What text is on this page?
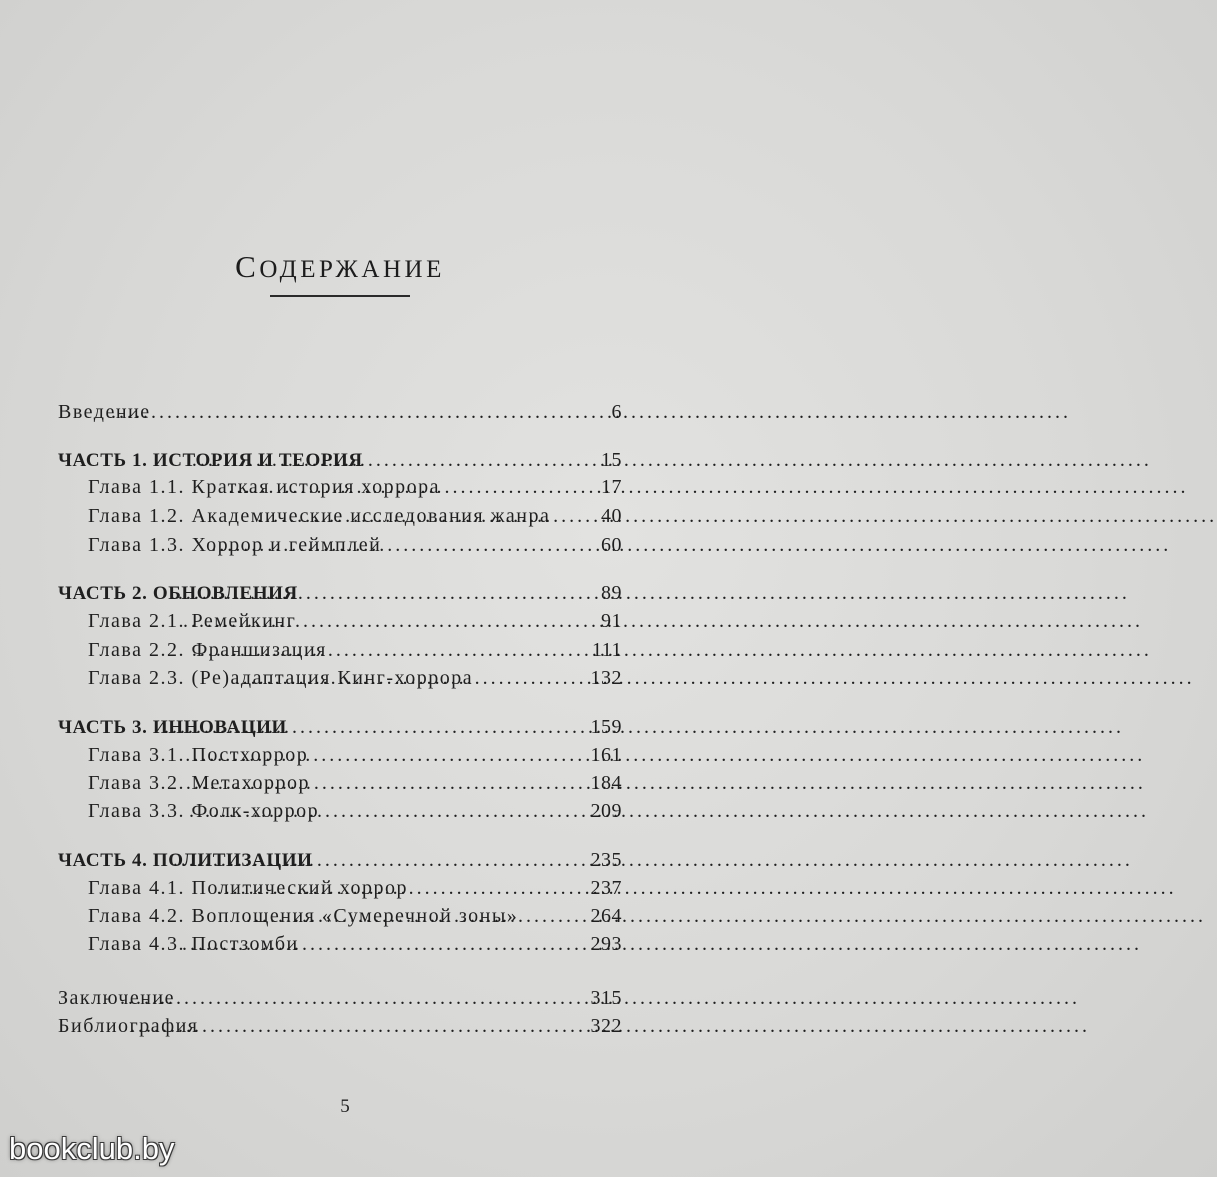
СОДЕРЖАНИЕ
Введение .....	6
ЧАСТЬ 1. ИСТОРИЯ И ТЕОРИЯ .....	15
Глава 1.1. Краткая история хоррора .....	17
Глава 1.2. Академические исследования жанра .....	40
Глава 1.3. Хоррор и геймплей .....	60
ЧАСТЬ 2. ОБНОВЛЕНИЯ .....	89
Глава 2.1. Ремейкинг .....	91
Глава 2.2. Франшизация .....	111
Глава 2.3. (Ре)адаптация Кинг-хоррора .....	132
ЧАСТЬ 3. ИННОВАЦИИ .....	159
Глава 3.1. Постхоррор .....	161
Глава 3.2. Метахоррор .....	184
Глава 3.3. Фолк-хоррор .....	209
ЧАСТЬ 4. ПОЛИТИЗАЦИИ .....	235
Глава 4.1. Политический хоррор .....	237
Глава 4.2. Воплощения «Сумеречной зоны» .....	264
Глава 4.3. Постзомби .....	293
Заключение .....	315
Библиография .....	322
5
bookclub.by
